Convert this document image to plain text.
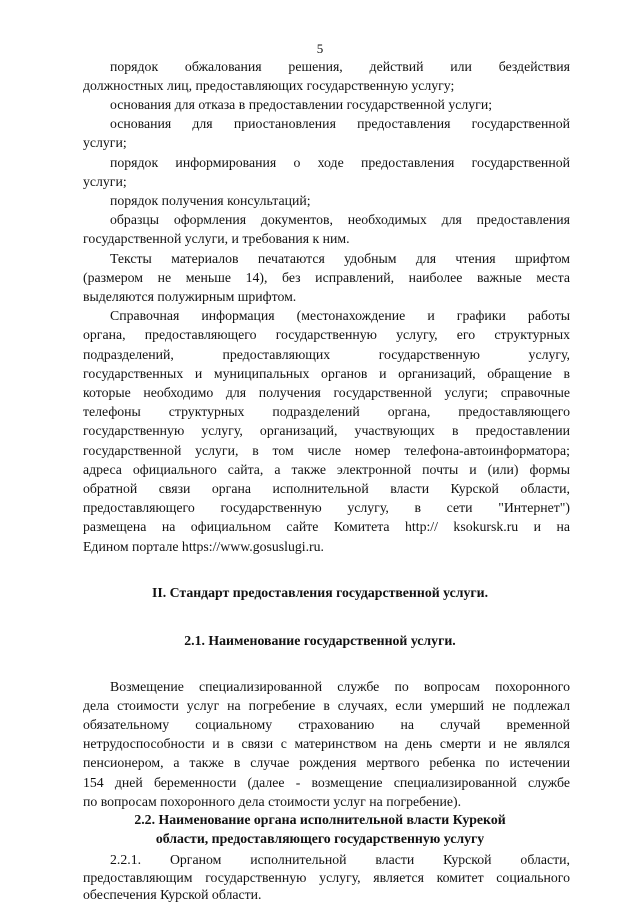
5
порядок обжалования решения, действий или бездействия
должностных лиц, предоставляющих государственную услугу;
основания для отказа в предоставлении государственной услуги;
основания для приостановления предоставления государственной
услуги;
порядок информирования о ходе предоставления государственной
услуги;
порядок получения консультаций;
образцы оформления документов, необходимых для предоставления
государственной услуги, и требования к ним.
Тексты материалов печатаются удобным для чтения шрифтом
(размером не меньше 14), без исправлений, наиболее важные места
выделяются полужирным шрифтом.
Справочная информация (местонахождение и графики работы
органа, предоставляющего государственную услугу, его структурных
подразделений, предоставляющих государственную услугу,
государственных и муниципальных органов и организаций, обращение в
которые необходимо для получения государственной услуги; справочные
телефоны структурных подразделений органа, предоставляющего
государственную услугу, организаций, участвующих в предоставлении
государственной услуги, в том числе номер телефона-автоинформатора;
адреса официального сайта, а также электронной почты и (или) формы
обратной связи органа исполнительной власти Курской области,
предоставляющего государственную услугу, в сети "Интернет")
размещена на официальном сайте Комитета http:// ksokursk.ru и на
Едином портале https://www.gosuslugi.ru.
II. Стандарт предоставления государственной услуги.
2.1. Наименование государственной услуги.
Возмещение специализированной службе по вопросам похоронного
дела стоимости услуг на погребение в случаях, если умерший не подлежал
обязательному социальному страхованию на случай временной
нетрудоспособности и в связи с материнством на день смерти и не являлся
пенсионером, а также в случае рождения мертвого ребенка по истечении
154 дней беременности (далее - возмещение специализированной службе
по вопросам похоронного дела стоимости услуг на погребение).
2.2. Наименование органа исполнительной власти Курекой
области, предоставляющего государственную услугу
2.2.1. Органом исполнительной власти Курской области,
предоставляющим государственную услугу, является комитет социального
обеспечения Курской области.
